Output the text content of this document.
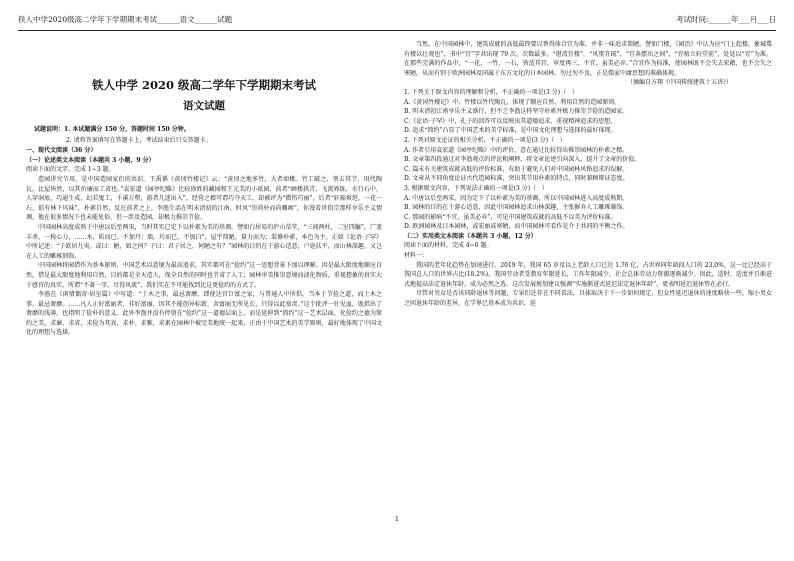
铁人中学2020级高二学年下学期期末考试______语文______试题	考试时间:______年___月___日
铁人中学 2020 级高二学年下学期期末考试
语文试题

试题说明：1. 本试题满分 150 分，答题时间 150 分钟。

2. 请将答案填写在答题卡上，考试结束后只交答题卡。

一、现代文阅读（36 分）

（一）论述类文本阅读（本题共 3 小题，9 分）

阅读下面的文字，完成 1~3 题。

造园讲究节用，是中国造园家们的共识。王禹偁《黄冈竹楼记》云：“黄冈之地多竹，大者如椽。竹工破之，刳去其节，用代陶瓦。比屋皆然，以其价廉而工省也。”袁宏道《园亭纪略》比较徐姓的藏园和王元美的小祇园，前者“画楼拱青，飞流界练，水行石中，人穿洞底，巧逾生成，幻若鬼工，千溪万壑，游者几迷出入”，经营之精可谓巧夺天工，却被评为“微伤巧丽”。后者“轩豁爽垲，一花一石，俱有林下风味”，朴素自然，反在前者之上。李渔生活在明末清初的江南，时风“崇尚朴而尚雕画”，你漫看世俗宗那样享乐主义情调，他在很多情况下也未能免俗，但一涉及造园，却极力推崇节俭。

中国园林高度成熟于中唐以后至两宋，当时其实已定下以朴素为美的基调，譬如白居易的庐山草堂，“三间两柱，二室四牖”，广袤丰杀，一称心力，……木，斫而已，不加丹；墙，圬而已，不加白”，屋宇简陋，量力而为；装修朴素，本色为主。正如《论语·子罕》中所记述：“子欲居九夷。或曰：陋，如之何？子曰：君子居之，何陋之有？”园林的目的在于游心适意，户庭扶平，而山林深趣，又岂在人工的雕琢刻饰。

中国园林将园借作为基本原则，中国艺术以意境为最高追求，其实都可在“俭约”这一思想背景下加以理解。因是最大限度地顺应自然，借是最大限度地利用自然，目的都是全天造人，保全自然的同时也节省了人工；园林审美推崇意境而淡化物质，重视想象的真实大于感官的真实，所谓“不著一字，尽得风流”，我们实在不可能找到比这更俭约的方式了。

李渔在《闲情偶寄·居室篇》中写道：“土木之事，最忌奢靡。即使达官巨富之家，与普通人中所倡，当本于节俭之道，而土木之事，最忌奢靡。……凡人止好富丽者，非好富丽，因其不能创异标新，舍富丽无所见长，只得以此塞责。”这个批评一针见血，既指出了奢靡的浅薄，也指明了俭朴的意义。此外李渔并没有停留在“俭约”这一道德层面上，而是延伸到“简约”这一艺术层面，化俭约之德为简约之美，求廉，求省，求俭为其真，求朴、求雅，求素在园林中被完美地统一起来，正由于中国艺术的美学原则，最好地体现了中国文化的理想与选择。

当然，在中国园林中，建筑成就的高低最终要以香得体合宜为准，并非一味追求简陋。譬如门楼，《园冶》中认为应“门上起楼，象城堞有楼以壮观也”，书中“宜”字共出现 79 次，次数最多。“堪湾宜楼”，“风篁宜疏”，“宜条摆出之间”，“宜植立轩堂前”，处处以“宜”为准。在那些完满的作品中，“一花、一竹、一石，皆适其宜，审度再三，不宜，虽美必弃。”合宜作为标准，使园林既不会失去宏敞，也不会失之寒陋，从而有别于欧洲园林及同属于东方文化的日本园林。勿过勿不及，正是儒家中庸思想的准确体现。

（摘编自方翔《中国传统建筑十五讲》）

1. 下列关于原文内容的理解和分析，不正确的一项是(3 分)（　）

A.《黄冈竹楼记》中，竹楼以竹代陶瓦，体现了顺应自然，利用自然的造园原则。

B. 明末清初江南享乐主义盛行，但不乏李渔这样坚守朴素并极力推崇节俭的造园家。

C.《论语·子罕》中，孔子的回答可以反映出其道德追求，重视精神追求的思想。

D. 追求“简约”凸显了中国艺术的美学标准，是中国文化理想与选择的最好体现。

2. 下列对原文论证的相关分析，不正确的一项是(3 分)（　）

A. 作者引用袁宏道《园亭纪略》中的评价，意在通过比较得出推崇园林的朴素之精。

B. 文章第四段通过对李渔观点的评论和阐释，将文章论述引向深入，提升了文章的价值。

C. 篇末有关建筑成就高低的评价标准，有助于避免人们对中国园林风格追求的误解。

D. 文章从不同角度论证古代造园标准，突出其节用朴素的特点，同时兼顾辩证态度。

3. 根据原文内容，下列说法正确的一项是(3 分)（　）

A. 中唐以后至两宋，因为定下了以朴素为美的基调，所以中国园林进入高度成熟期。

B. 园林的目的在于游心适意，因此中国园林追求山林深趣，主张摒弃人工雕琢藻饰。

C. 那园的影响“不宜，虽美必弃”，可见中国建筑成就的高低不以美为评价标准。

D. 欧洲园林及日本园林，或宏丽或寒陋，而中国园林可看作是介于共同的平衡之作。

（二）实用类文本阅读（本题共 3 小题，12 分）

阅读下面的材料，完成 4~6 题。

材料一：

我国的老年化趋势在加速进行。2019 年，我国 65 岁及以上老龄人口已达 1.76 亿，占世界同年龄段人口的 23.0%，这一比已经高于我国总人口的世界占比(18.2%)。我国劳动者受教育年限延长，工作年限减少，社会总体劳动力资源逐渐减少。因此，适时、适度并且渐进式地提高法定退休年龄，成为必然之选。这次发展规划建议强调“实施渐进式延迟法定退休年龄”，更表明延迟退休势在必行。

尽管对男女是否该同龄退休等问题，专家们还存在不同看法，具体取决于下一步如何规定，但女性延迟退休的速度略快一些。缩小男女之间退休年龄的差异，在学界已基本成为共识。延

1
